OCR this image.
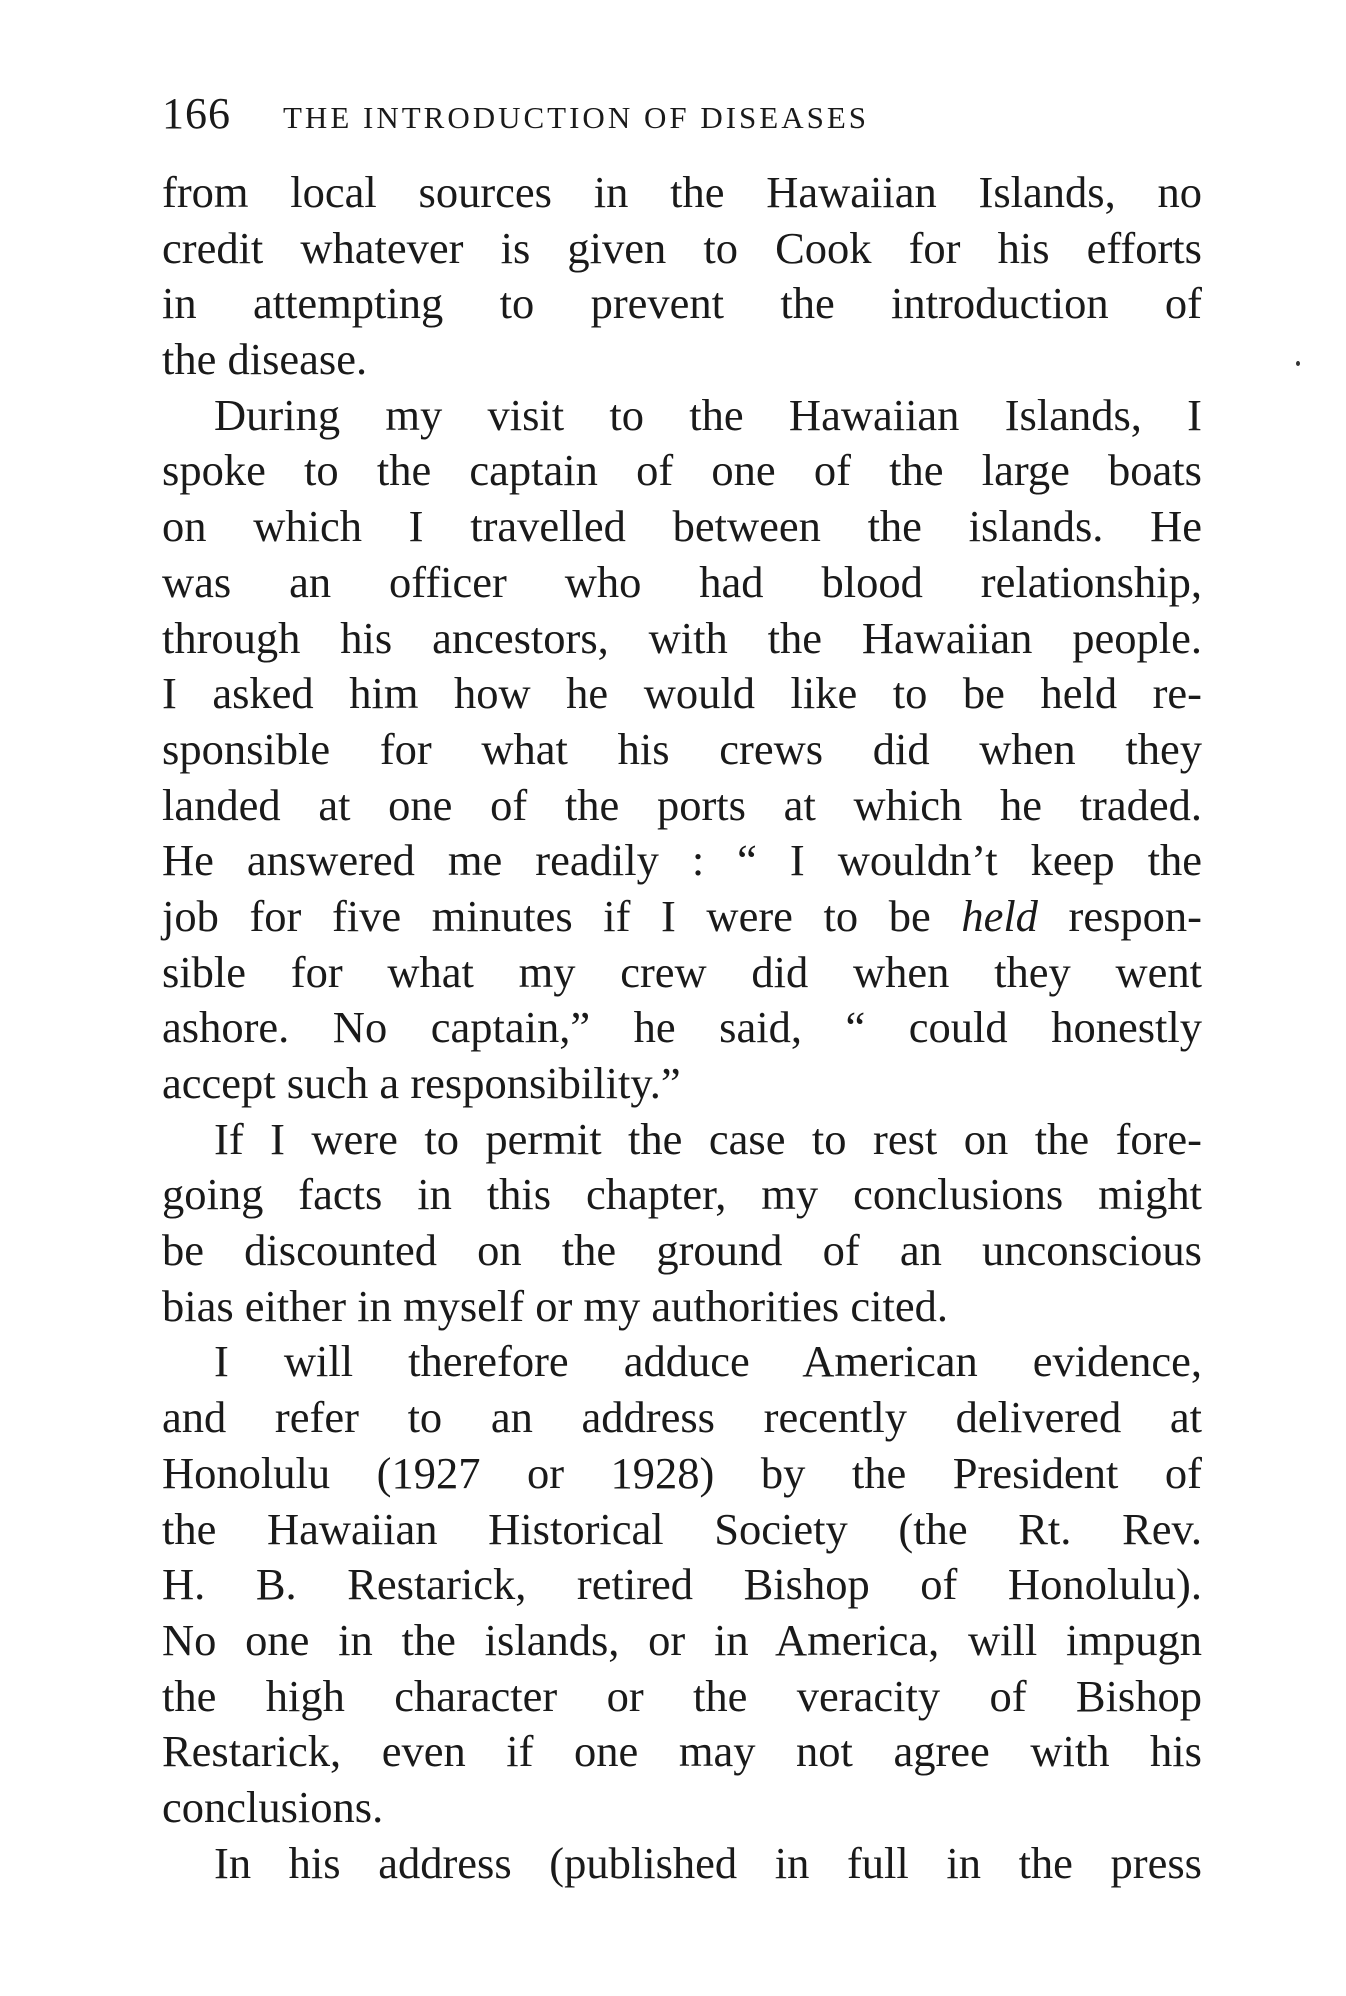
166 THE INTRODUCTION OF DISEASES
from local sources in the Hawaiian Islands, no
credit whatever is given to Cook for his efforts
in attempting to prevent the introduction of
the disease.
During my visit to the Hawaiian Islands, I
spoke to the captain of one of the large boats
on which I travelled between the islands. He
was an officer who had blood relationship,
through his ancestors, with the Hawaiian people.
I asked him how he would like to be held re-
sponsible for what his crews did when they
landed at one of the ports at which he traded.
He answered me readily : “ I wouldn’t keep the
job for five minutes if I were to be held respon-
sible for what my crew did when they went
ashore. No captain,” he said, “ could honestly
accept such a responsibility.”
If I were to permit the case to rest on the fore-
going facts in this chapter, my conclusions might
be discounted on the ground of an unconscious
bias either in myself or my authorities cited.
I will therefore adduce American evidence,
and refer to an address recently delivered at
Honolulu (1927 or 1928) by the President of
the Hawaiian Historical Society (the Rt. Rev.
H. B. Restarick, retired Bishop of Honolulu).
No one in the islands, or in America, will impugn
the high character or the veracity of Bishop
Restarick, even if one may not agree with his
conclusions.
In his address (published in full in the press
